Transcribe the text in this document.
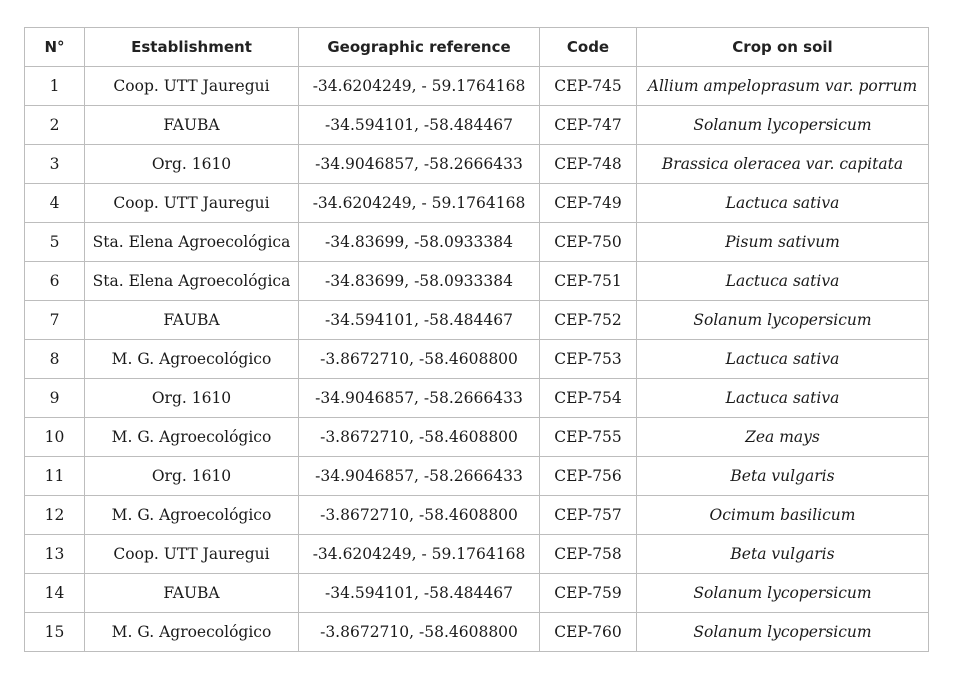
N°	Establishment	Geographic reference	Code	Crop on soil
1	Coop. UTT Jauregui	-34.6204249, - 59.1764168	CEP-745	Allium ampeloprasum var. porrum
2	FAUBA	-34.594101, -58.484467	CEP-747	Solanum lycopersicum
3	Org. 1610	-34.9046857, -58.2666433	CEP-748	Brassica oleracea var. capitata
4	Coop. UTT Jauregui	-34.6204249, - 59.1764168	CEP-749	Lactuca sativa
5	Sta. Elena Agroecológica	-34.83699, -58.0933384	CEP-750	Pisum sativum
6	Sta. Elena Agroecológica	-34.83699, -58.0933384	CEP-751	Lactuca sativa
7	FAUBA	-34.594101, -58.484467	CEP-752	Solanum lycopersicum
8	M. G. Agroecológico	-3.8672710, -58.4608800	CEP-753	Lactuca sativa
9	Org. 1610	-34.9046857, -58.2666433	CEP-754	Lactuca sativa
10	M. G. Agroecológico	-3.8672710, -58.4608800	CEP-755	Zea mays
11	Org. 1610	-34.9046857, -58.2666433	CEP-756	Beta vulgaris
12	M. G. Agroecológico	-3.8672710, -58.4608800	CEP-757	Ocimum basilicum
13	Coop. UTT Jauregui	-34.6204249, - 59.1764168	CEP-758	Beta vulgaris
14	FAUBA	-34.594101, -58.484467	CEP-759	Solanum lycopersicum
15	M. G. Agroecológico	-3.8672710, -58.4608800	CEP-760	Solanum lycopersicum
